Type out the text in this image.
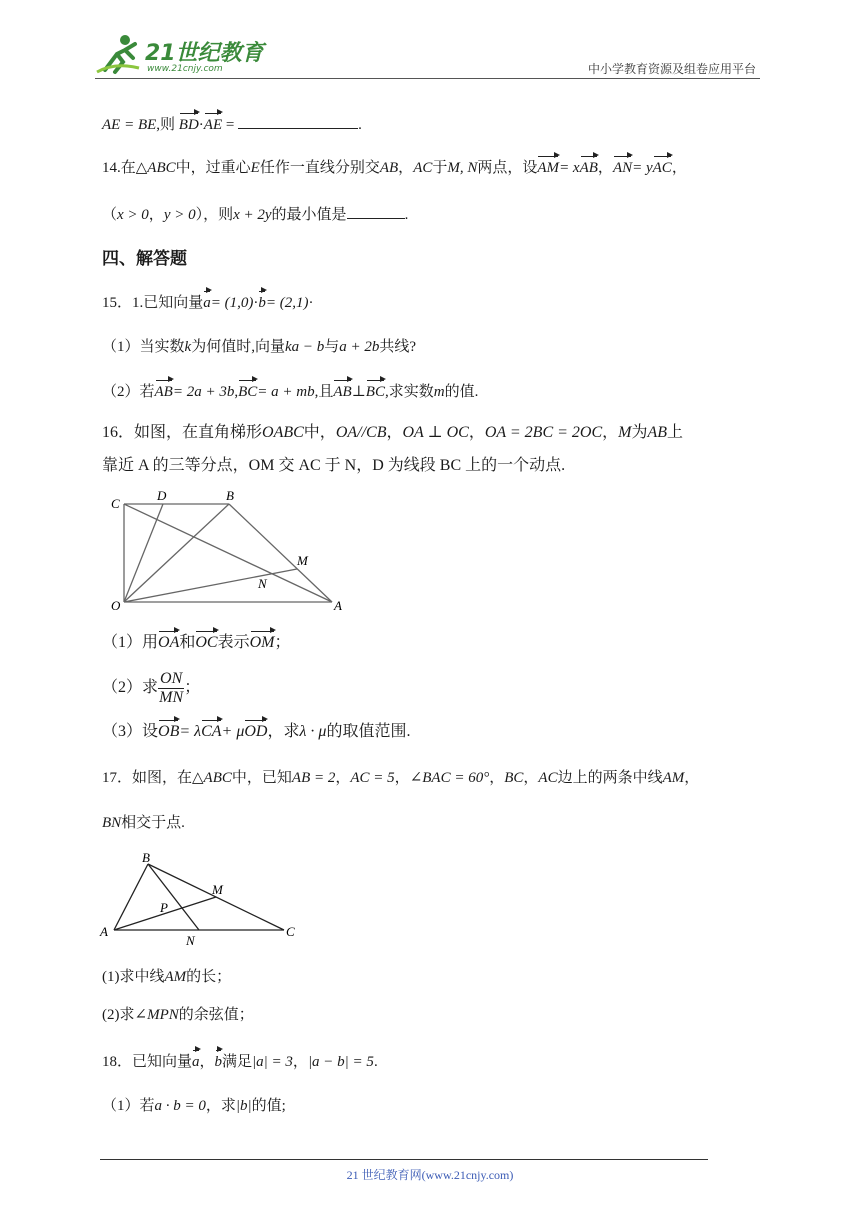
21世纪教育
www.21cnjy.com	中小学教育资源及组卷应用平台
AE = BE,则 BD·AE =	.
14.在△ABC中，过重心E任作一直线分别交AB，AC于M, N两点，设AM= xAB，AN= yAC，
（x > 0，y > 0），则x + 2y的最小值是	.
四、解答题
15．1.已知向量a= (1,0)·b= (2,1)·
（1）当实数k为何值时,向量ka − b与a + 2b共线?
（2）若AB= 2a + 3b,BC= a + mb,且AB⊥BC,求实数m的值.
16．如图，在直角梯形OABC中，OA//CB，OA ⊥ OC，OA = 2BC = 2OC，M为AB上
靠近 A 的三等分点，OM 交 AC 于 N，D 为线段 BC 上的一个动点.
C
D	B
M
N
O	A
（1）用OA和OC表示OM；
（2）求 $\frac{ON}{MN}$ ；
（3）设OB= λCA+ μOD，求λ · μ的取值范围.
17．如图，在△ABC中，已知AB = 2，AC = 5，∠BAC = 60°，BC，AC边上的两条中线AM，
BN相交于点.
B
M
P
A
N
C
(1)求中线AM的长；
(2)求∠MPN的余弦值；
18．已知向量a，b满足|a| = 3，|a − b| = 5.
（1）若a · b = 0，求|b|的值;
21 世纪教育网(www.21cnjy.com)
